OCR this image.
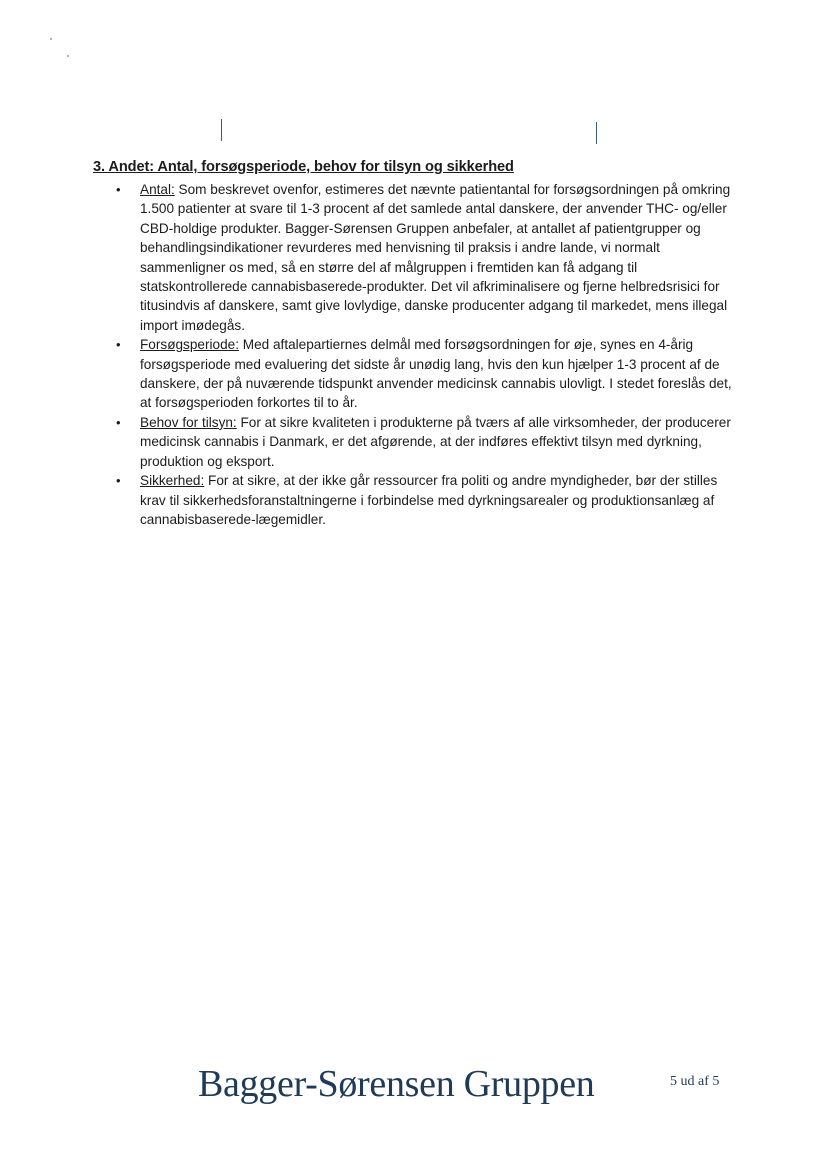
3. Andet: Antal, forsøgsperiode, behov for tilsyn og sikkerhed
• Antal: Som beskrevet ovenfor, estimeres det nævnte patientantal for forsøgsordningen på omkring 1.500 patienter at svare til 1-3 procent af det samlede antal danskere, der anvender THC- og/eller CBD-holdige produkter. Bagger-Sørensen Gruppen anbefaler, at antallet af patientgrupper og behandlingsindikationer revurderes med henvisning til praksis i andre lande, vi normalt sammenligner os med, så en større del af målgruppen i fremtiden kan få adgang til statskontrollerede cannabisbaserede-produkter. Det vil afkriminalisere og fjerne helbredsrisici for titusindvis af danskere, samt give lovlydige, danske producenter adgang til markedet, mens illegal import imødegås.
• Forsøgsperiode: Med aftalepartiernes delmål med forsøgsordningen for øje, synes en 4-årig forsøgsperiode med evaluering det sidste år unødig lang, hvis den kun hjælper 1-3 procent af de danskere, der på nuværende tidspunkt anvender medicinsk cannabis ulovligt. I stedet foreslås det, at forsøgsperioden forkortes til to år.
• Behov for tilsyn: For at sikre kvaliteten i produkterne på tværs af alle virksomheder, der producerer medicinsk cannabis i Danmark, er det afgørende, at der indføres effektivt tilsyn med dyrkning, produktion og eksport.
• Sikkerhed: For at sikre, at der ikke går ressourcer fra politi og andre myndigheder, bør der stilles krav til sikkerhedsforanstaltningerne i forbindelse med dyrkningsarealer og produktionsanlæg af cannabisbaserede-lægemidler.
Bagger-Sørensen Gruppen	5 ud af 5
